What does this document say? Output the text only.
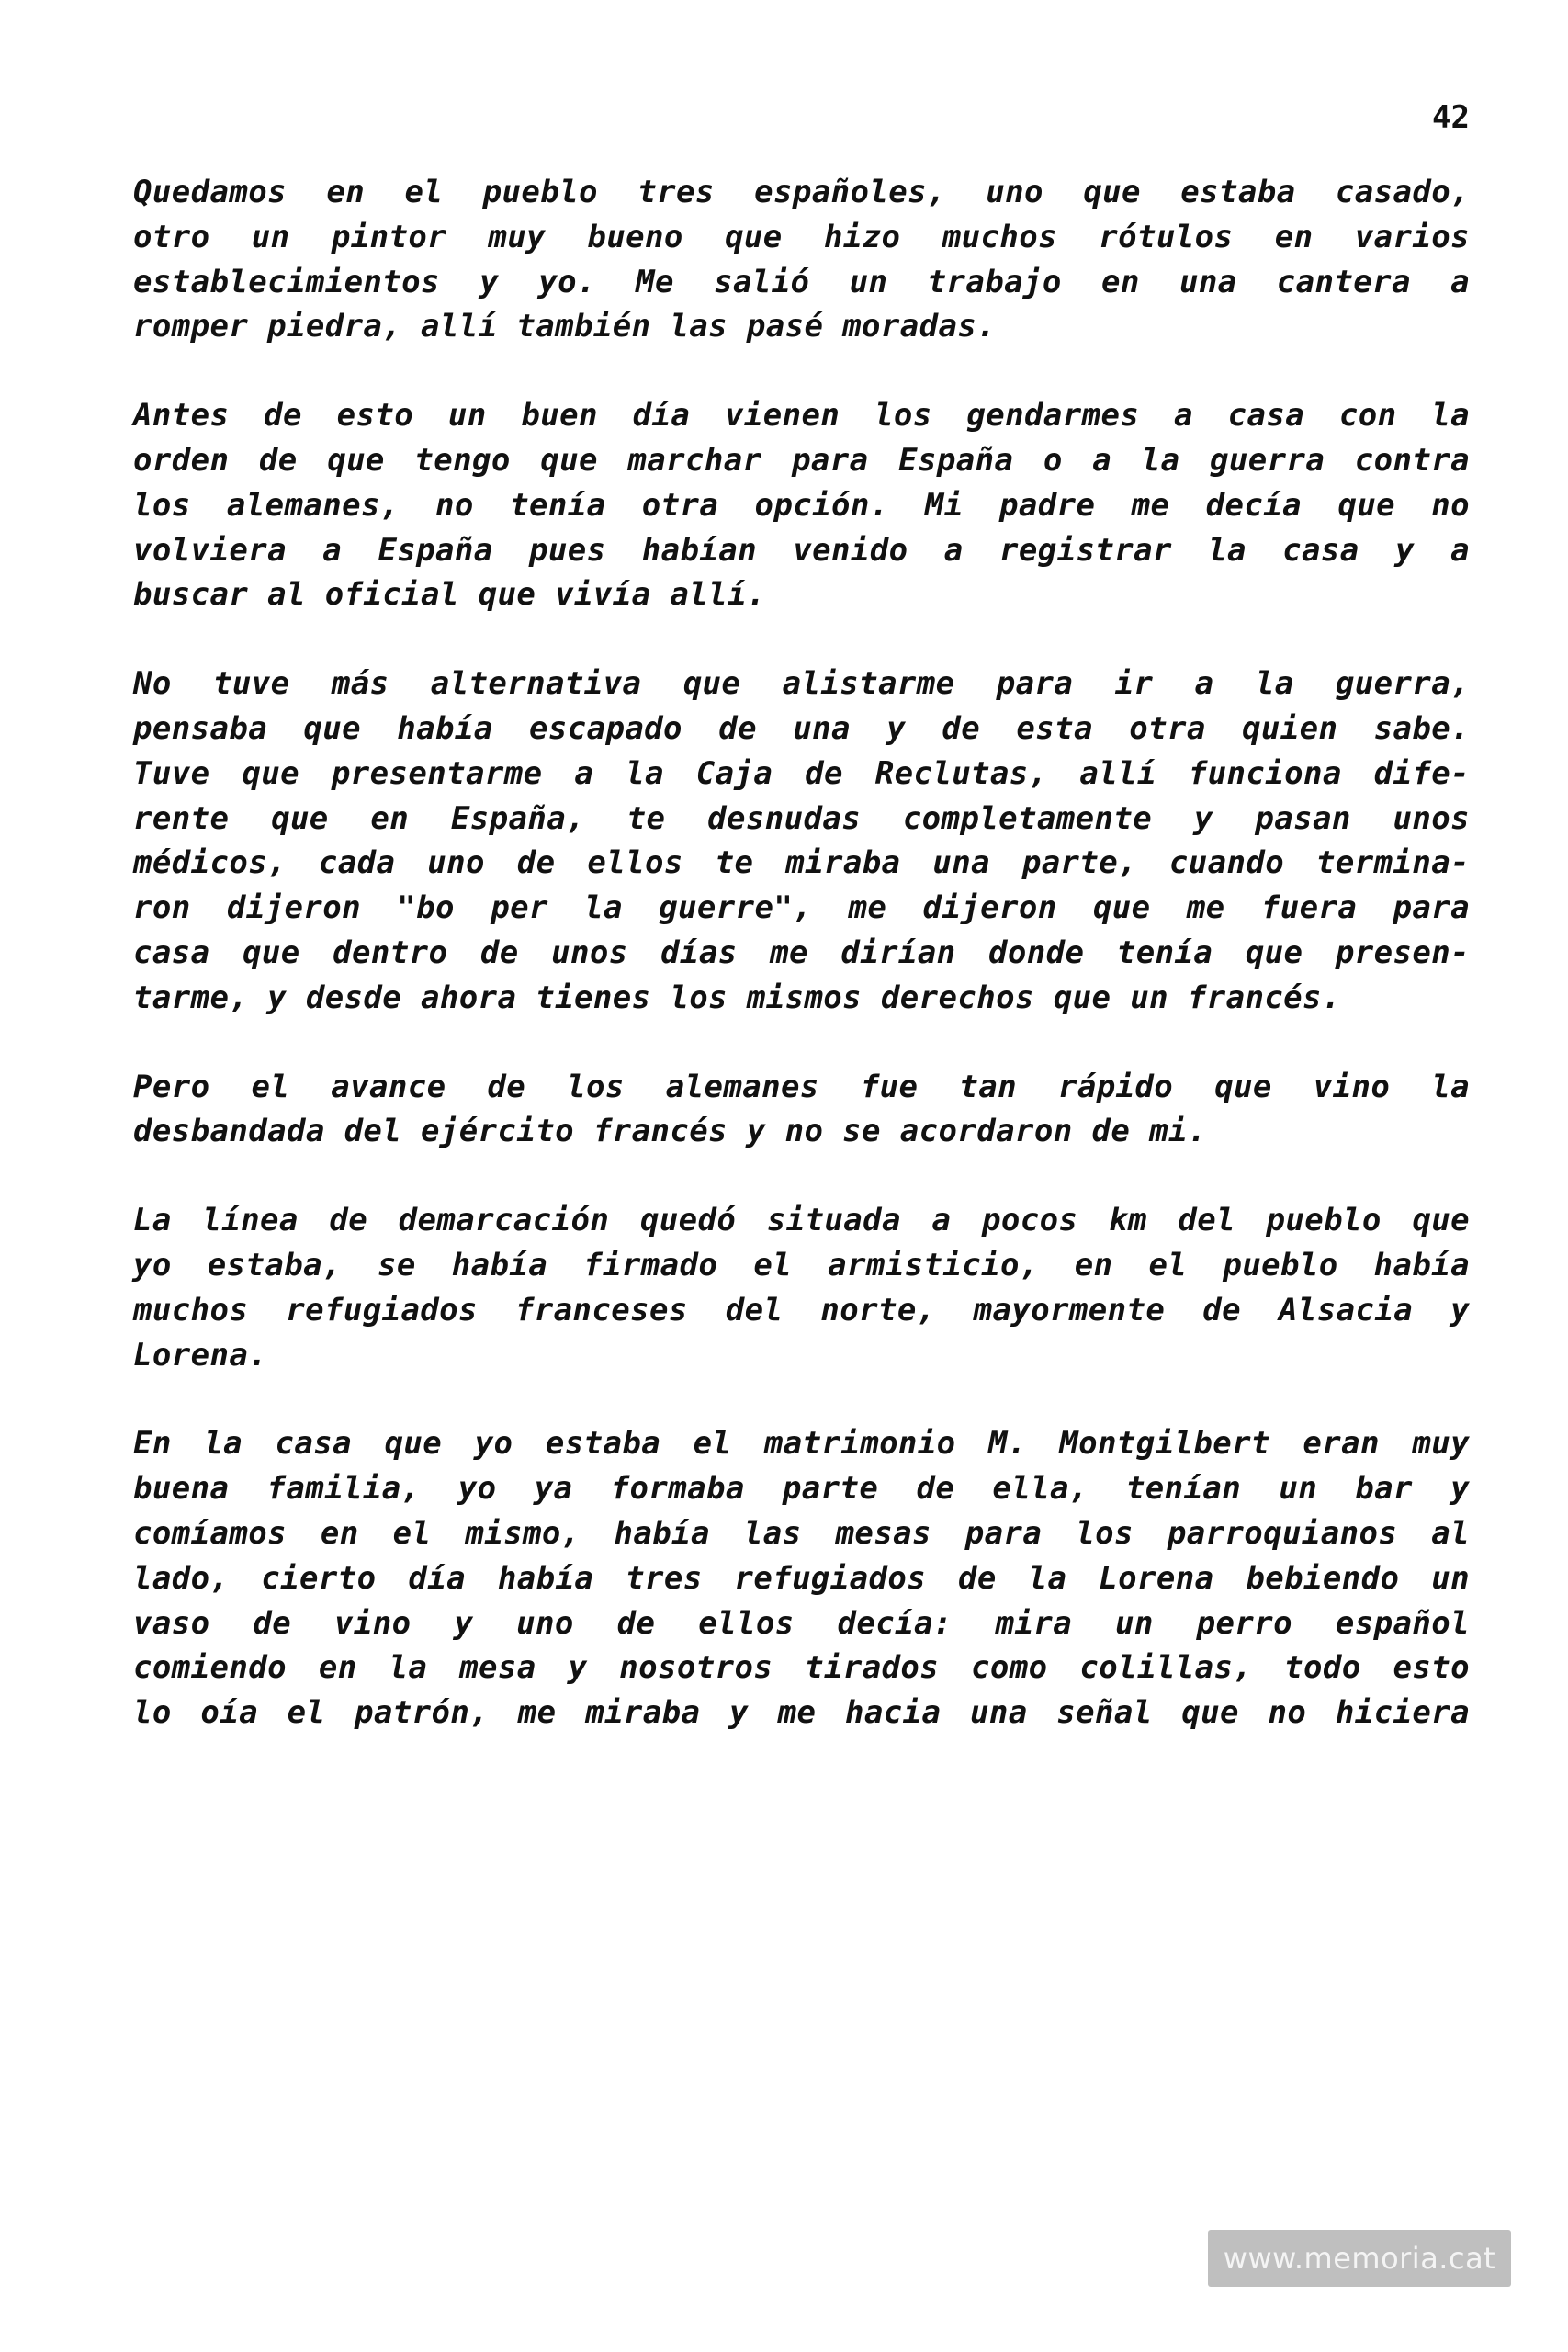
42

Quedamos en el pueblo tres españoles, uno que estaba casado,
otro un pintor muy bueno que hizo muchos rótulos en varios
establecimientos y yo. Me salió un trabajo en una cantera a
romper piedra, allí también las pasé moradas.

Antes de esto un buen día vienen los gendarmes a casa con la
orden de que tengo que marchar para España o a la guerra contra
los alemanes, no tenía otra opción. Mi padre me decía que no
volviera a España pues habían venido a registrar la casa y a
buscar al oficial que vivía allí.

No tuve más alternativa que alistarme para ir a la guerra,
pensaba que había escapado de una y de esta otra quien sabe.
Tuve que presentarme a la Caja de Reclutas, allí funciona dife-
rente que en España, te desnudas completamente y pasan unos
médicos, cada uno de ellos te miraba una parte, cuando termina-
ron dijeron "bo per la guerre", me dijeron que me fuera para
casa que dentro de unos días me dirían donde tenía que presen-
tarme, y desde ahora tienes los mismos derechos que un francés.

Pero el avance de los alemanes fue tan rápido que vino la
desbandada del ejército francés y no se acordaron de mi.

La línea de demarcación quedó situada a pocos km del pueblo que
yo estaba, se había firmado el armisticio, en el pueblo había
muchos refugiados franceses del norte, mayormente de Alsacia y
Lorena.

En la casa que yo estaba el matrimonio M. Montgilbert eran muy
buena familia, yo ya formaba parte de ella, tenían un bar y
comíamos en el mismo, había las mesas para los parroquianos al
lado, cierto día había tres refugiados de la Lorena bebiendo un
vaso de vino y uno de ellos decía: mira un perro español
comiendo en la mesa y nosotros tirados como colillas, todo esto
lo oía el patrón, me miraba y me hacia una señal que no hiciera

www.memoria.cat
